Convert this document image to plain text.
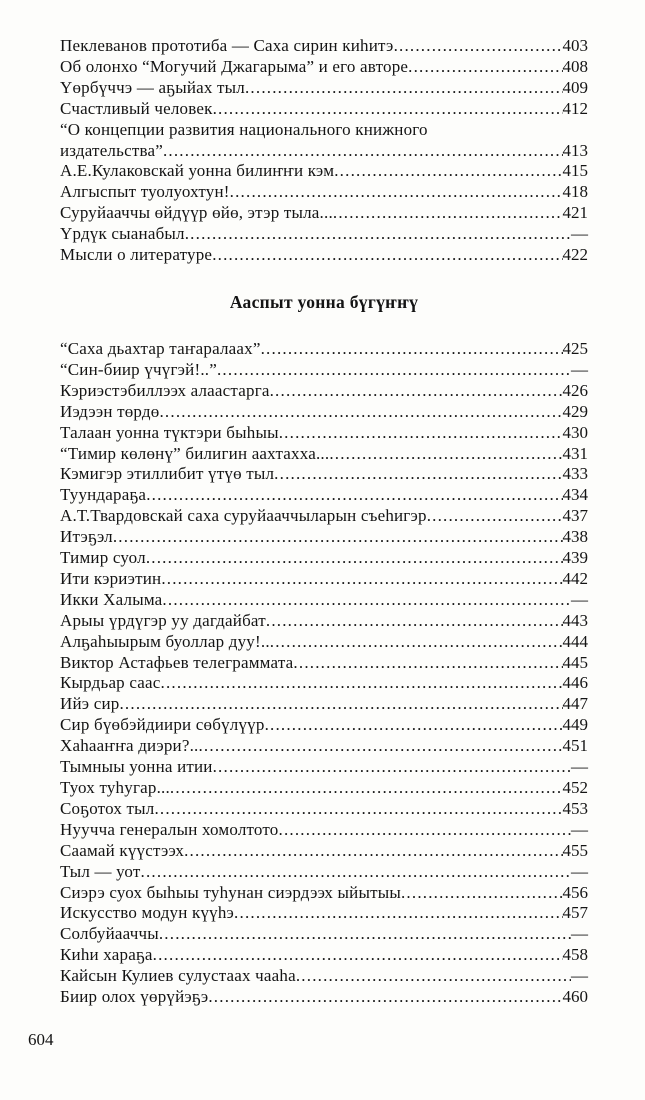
Пеклеванов прототиба — Саха сирин киһитэ .....	403
Об олонхо “Могучий Джагарыма” и его авторе .....	408
Үөрбүччэ — аҕыйах тыл .....	409
Счастливый человек .....	412
“О концепции развития национального книжного
издательства” .....	413
А.Е.Кулаковскай уонна билиҥҥи кэм .....	415
Алгыспыт туолуохтун! .....	418
Суруйааччы өйдүүр өйө, этэр тыла... .....	421
Үрдүк сыанабыл .....	—
Мысли о литературе .....	422
Ааспыт уонна бүгүҥҥү
“Саха дьахтар таҥаралаах” .....	425
“Син-биир үчүгэй!..” .....	—
Кэриэстэбиллээх алаастарга .....	426
Иэдээн төрдө .....	429
Талаан уонна түктэри быһыы .....	430
“Тимир көлөнү” билигин аахтахха... .....	431
Кэмигэр этиллибит үтүө тыл .....	433
Туундараҕа .....	434
А.Т.Твардовскай саха суруйааччыларын съеһигэр .....	437
Итэҕэл .....	438
Тимир суол .....	439
Ити кэриэтин .....	442
Икки Халыма .....	—
Арыы үрдүгэр уу дагдайбат .....	443
Алҕаһыырым буоллар дуу!.. .....	444
Виктор Астафьев телеграммата .....	445
Кырдьар саас .....	446
Ийэ сир .....	447
Сир бүөбэйдиири сөбүлүүр .....	449
Хаһааҥҥа диэри?.. .....	451
Тымныы уонна итии .....	—
Туох туһугар... .....	452
Соҕотох тыл .....	453
Нуучча генералын хомолтото .....	—
Саамай күүстээх .....	455
Тыл — уот .....	—
Сиэрэ суох быһыы туһунан сиэрдээх ыйытыы .....	456
Искусство модун күүһэ .....	457
Солбуйааччы .....	—
Киһи хараҕа .....	458
Кайсын Кулиев сулустаах чааһа .....	—
Биир олох үөрүйэҕэ .....	460
604
